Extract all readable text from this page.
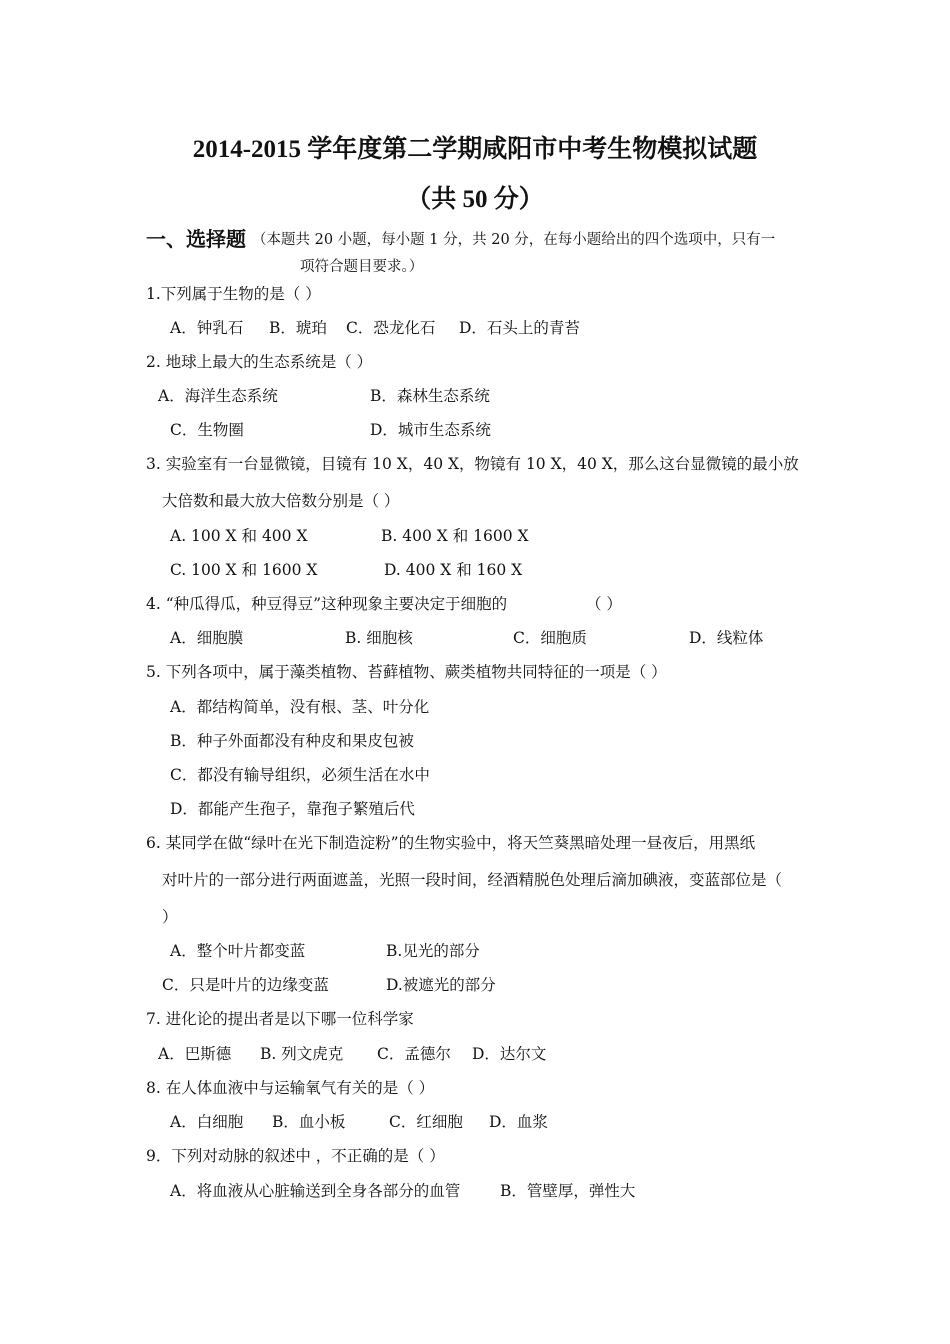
2014-2015 学年度第二学期咸阳市中考生物模拟试题
（共 50 分）
一、选择题 （本题共 20 小题，每小题 1 分，共 20 分，在每小题给出的四个选项中，只有一
项符合题目要求。）
1.下列属于生物的是（ ）
A．钟乳石 B．琥珀 C．恐龙化石 D．石头上的青苔
2. 地球上最大的生态系统是（ ）
A．海洋生态系统	B．森林生态系统
C．生物圈	D．城市生态系统
3. 实验室有一台显微镜，目镜有 10 X，40 X，物镜有 10 X，40 X，那么这台显微镜的最小放
大倍数和最大放大倍数分别是（ ）
A. 100 X 和 400 X	B. 400 X 和 1600 X
C. 100 X 和 1600 X	D. 400 X 和 160 X
4. “种瓜得瓜，种豆得豆”这种现象主要决定于细胞的	（ ）
A．细胞膜	B. 细胞核	C．细胞质	D．线粒体
5. 下列各项中，属于藻类植物、苔藓植物、蕨类植物共同特征的一项是（ ）
A．都结构简单，没有根、茎、叶分化
B．种子外面都没有种皮和果皮包被
C．都没有输导组织，必须生活在水中
D．都能产生孢子，靠孢子繁殖后代
6. 某同学在做“绿叶在光下制造淀粉”的生物实验中，将天竺葵黑暗处理一昼夜后，用黑纸
对叶片的一部分进行两面遮盖，光照一段时间，经酒精脱色处理后滴加碘液，变蓝部位是（
）
A．整个叶片都变蓝	B.见光的部分
C．只是叶片的边缘变蓝	D.被遮光的部分
7. 进化论的提出者是以下哪一位科学家
A．巴斯德 B. 列文虎克 C．孟德尔 D．达尔文
8. 在人体血液中与运输氧气有关的是（ ）
A．白细胞 B．血小板	C．红细胞 D．血浆
9．下列对动脉的叙述中 ，不正确的是（ ）
A．将血液从心脏输送到全身各部分的血管	B．管壁厚，弹性大
